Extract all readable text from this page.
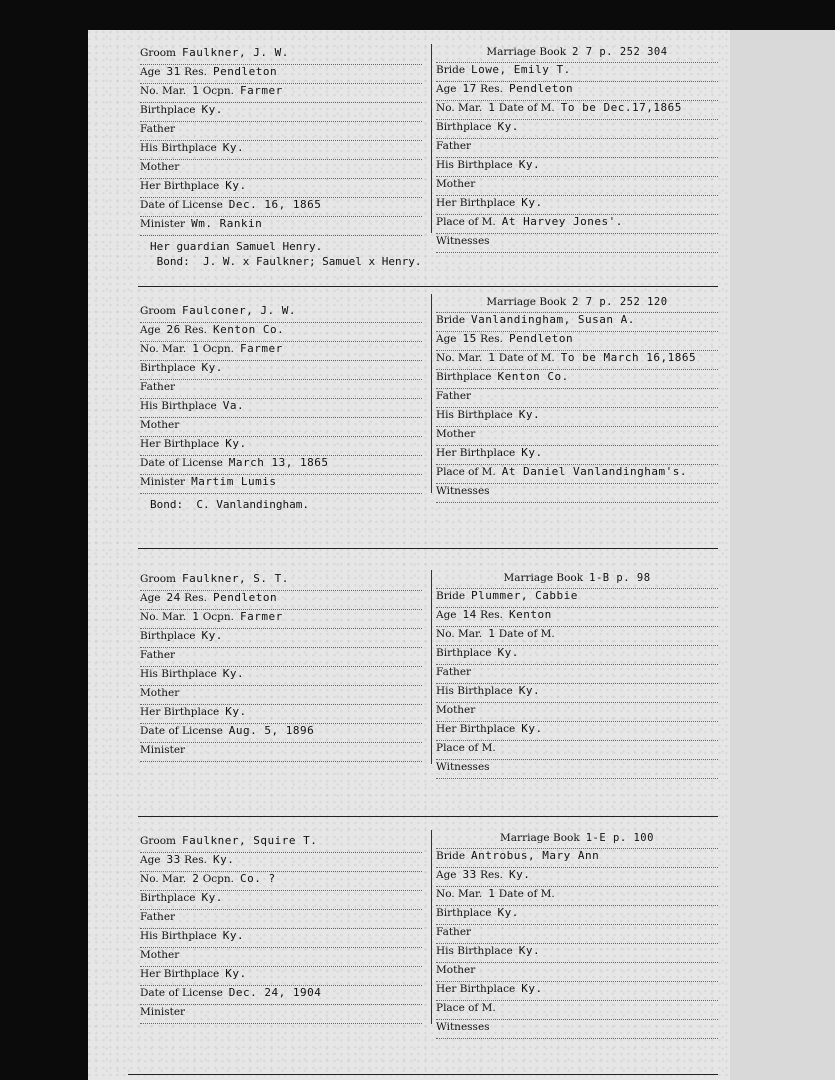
Groom Faulkner, J. W.
Age 31 Res. Pendleton
No. Mar. 1 Ocpn. Farmer
Birthplace Ky.
Father
His Birthplace Ky.
Mother
Her Birthplace Ky.
Date of License Dec. 16, 1865
Minister Wm. Rankin
Marriage Book 2 7 p. 252 304
Bride Lowe, Emily T.
Age 17 Res. Pendleton
No. Mar. 1 Date of M. To be Dec.17,1865
Birthplace Ky.
Father
His Birthplace Ky.
Mother
Her Birthplace Ky.
Place of M. At Harvey Jones'.
Witnesses
Her guardian Samuel Henry.
Bond:  J. W. x Faulkner; Samuel x Henry.
Groom Faulconer, J. W.
Age 26 Res. Kenton Co.
No. Mar. 1 Ocpn. Farmer
Birthplace Ky.
Father
His Birthplace Va.
Mother
Her Birthplace Ky.
Date of License March 13, 1865
Minister Martim Lumis
Marriage Book 2 7 p. 252 120
Bride Vanlandingham, Susan A.
Age 15 Res. Pendleton
No. Mar. 1 Date of M. To be March 16,1865
Birthplace Kenton Co.
Father
His Birthplace Ky.
Mother
Her Birthplace Ky.
Place of M. At Daniel Vanlandingham's.
Witnesses
Bond:  C. Vanlandingham.
Groom Faulkner, S. T.
Age 24 Res. Pendleton
No. Mar. 1 Ocpn. Farmer
Birthplace Ky.
Father
His Birthplace Ky.
Mother
Her Birthplace Ky.
Date of License Aug. 5, 1896
Minister
Marriage Book 1-B p. 98
Bride Plummer, Cabbie
Age 14 Res. Kenton
No. Mar. 1 Date of M.
Birthplace Ky.
Father
His Birthplace Ky.
Mother
Her Birthplace Ky.
Place of M.
Witnesses
Groom Faulkner, Squire T.
Age 33 Res. Ky.
No. Mar. 2 Ocpn. Co. ?
Birthplace Ky.
Father
His Birthplace Ky.
Mother
Her Birthplace Ky.
Date of License Dec. 24, 1904
Minister
Marriage Book 1-E p. 100
Bride Antrobus, Mary Ann
Age 33 Res. Ky.
No. Mar. 1 Date of M.
Birthplace Ky.
Father
His Birthplace Ky.
Mother
Her Birthplace Ky.
Place of M.
Witnesses
